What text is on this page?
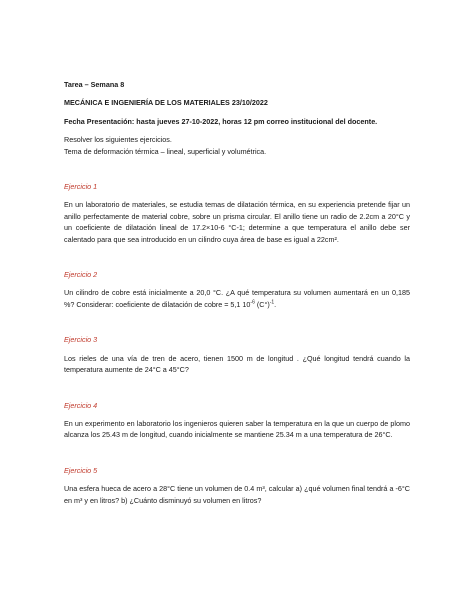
Tarea – Semana 8

MECÁNICA E INGENIERÍA DE LOS MATERIALES 23/10/2022

Fecha Presentación: hasta jueves 27-10-2022, horas 12 pm correo institucional del docente.

Resolver los siguientes ejercicios.

Tema de deformación térmica – lineal, superficial y volumétrica.

Ejercicio 1

En un laboratorio de materiales, se estudia temas de dilatación térmica, en su experiencia pretende fijar un anillo perfectamente de material cobre, sobre un prisma circular. El anillo tiene un radio de 2.2cm a 20°C y un coeficiente de dilatación lineal de 17.2×10-6 °C-1; determine a que temperatura el anillo debe ser calentado para que sea introducido en un cilindro cuya área de base es igual a 22cm².

Ejercicio 2

Un cilindro de cobre está inicialmente a 20,0 °C. ¿A qué temperatura su volumen aumentará en un 0,185 %? Considerar: coeficiente de dilatación de cobre = 5,1 $10^{-6}$ $(C^\circ)^{-1}$.

Ejercicio 3

Los rieles de una vía de tren de acero, tienen 1500 m de longitud . ¿Qué longitud tendrá cuando la temperatura aumente de 24°C a 45°C?

Ejercicio 4

En un experimento en laboratorio los ingenieros quieren saber la temperatura en la que un cuerpo de plomo alcanza los 25.43 m de longitud, cuando inicialmente se mantiene 25.34 m a una temperatura de 26°C.

Ejercicio 5

Una esfera hueca de acero a 28°C tiene un volumen de 0.4 m³, calcular a) ¿qué volumen final tendrá a -6°C en m³ y en litros? b) ¿Cuánto disminuyó su volumen en litros?
